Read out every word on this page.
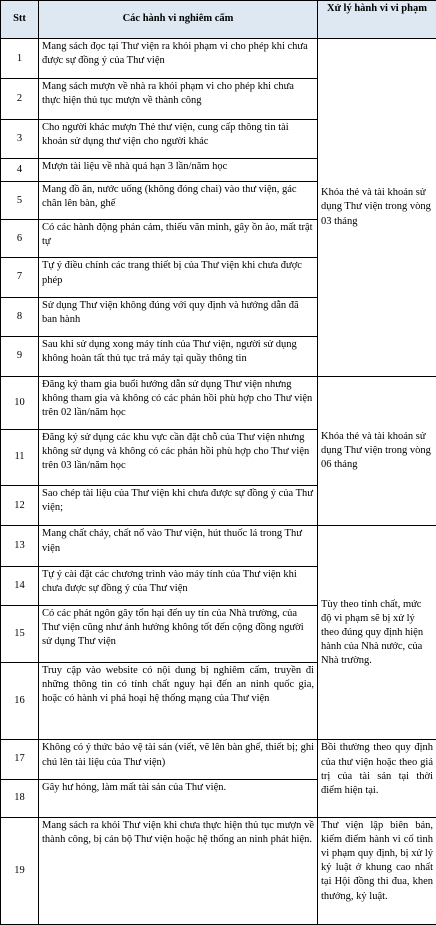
Stt	Các hành vi nghiêm cấm	Xử lý hành vi vi phạm
1	Mang sách đọc tại Thư viện ra khỏi phạm vi cho phép khi chưa được sự đồng ý của Thư viện	Khóa thẻ và tài khoản sử dụng Thư viện trong vòng 03 tháng
2	Mang sách mượn về nhà ra khỏi phạm vi cho phép khi chưa thực hiện thủ tục mượn về thành công	
3	Cho người khác mượn Thẻ thư viện, cung cấp thông tin tài khoản sử dụng thư viện cho người khác	
4	Mượn tài liệu về nhà quá hạn 3 lần/năm học	
5	Mang đồ ăn, nước uống (không đóng chai) vào thư viện, gác chân lên bàn, ghế	
6	Có các hành động phản cảm, thiếu văn minh, gây ồn ào, mất trật tự	
7	Tự ý điều chỉnh các trang thiết bị của Thư viện khi chưa được phép	
8	Sử dụng Thư viện không đúng với quy định và hướng dẫn đã ban hành	
9	Sau khi sử dụng xong máy tính của Thư viện, người sử dụng không hoàn tất thủ tục trả máy tại quầy thông tin	
10	Đăng ký tham gia buổi hướng dẫn sử dụng Thư viện nhưng không tham gia và không có các phản hồi phù hợp cho Thư viện trên 02 lần/năm học	Khóa thẻ và tài khoản sử dụng Thư viện trong vòng 06 tháng
11	Đăng ký sử dụng các khu vực cần đặt chỗ của Thư viện nhưng không sử dụng và không có các phản hồi phù hợp cho Thư viện trên 03 lần/năm học	
12	Sao chép tài liệu của Thư viện khi chưa được sự đồng ý của Thư viện;	
13	Mang chất cháy, chất nổ vào Thư viện, hút thuốc lá trong Thư viện	Tùy theo tính chất, mức độ vi phạm sẽ bị xử lý theo đúng quy định hiện hành của Nhà nước, của Nhà trường.
14	Tự ý cài đặt các chương trình vào máy tính của Thư viện khi chưa được sự đồng ý của Thư viện	
15	Có các phát ngôn gây tổn hại đến uy tín của Nhà trường, của Thư viện cũng như ảnh hưởng không tốt đến cộng đồng người sử dụng Thư viện	
16	Truy cập vào website có nội dung bị nghiêm cấm, truyền đi những thông tin có tính chất nguy hại đến an ninh quốc gia, hoặc có hành vi phá hoại hệ thống mạng của Thư viện	
17	Không có ý thức bảo vệ tài sản (viết, vẽ lên bàn ghế, thiết bị; ghi chú lên tài liệu của Thư viện)	Bồi thường theo quy định của thư viện hoặc theo giá trị của tài sản tại thời điểm hiện tại.
18	Gây hư hỏng, làm mất tài sản của Thư viện.	
19	Mang sách ra khỏi Thư viện khi chưa thực hiện thủ tục mượn về thành công, bị cán bộ Thư viện hoặc hệ thống an ninh phát hiện.	Thư viện lập biên bản, kiểm điểm hành vi cố tình vi phạm quy định, bị xử lý kỷ luật ở khung cao nhất tại Hội đồng thi đua, khen thưởng, kỷ luật.
